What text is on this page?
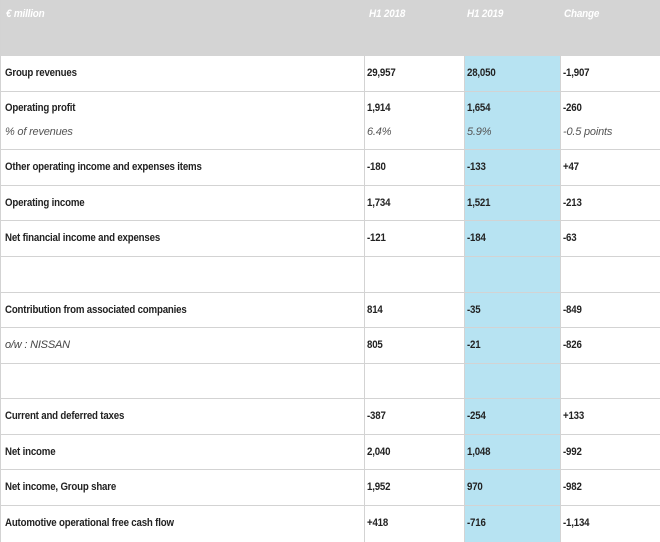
€ million	H1 2018	H1 2019	Change
Group revenues	29,957	28,050	-1,907
Operating profit	1,914	1,654	-260
% of revenues	6.4%	5.9%	-0.5 points
Other operating income and expenses items	-180	-133	+47
Operating income	1,734	1,521	-213
Net financial income and expenses	-121	-184	-63
Contribution from associated companies	814	-35	-849
o/w : NISSAN	805	-21	-826
Current and deferred taxes	-387	-254	+133
Net income	2,040	1,048	-992
Net income, Group share	1,952	970	-982
Automotive operational free cash flow	+418	-716	-1,134
